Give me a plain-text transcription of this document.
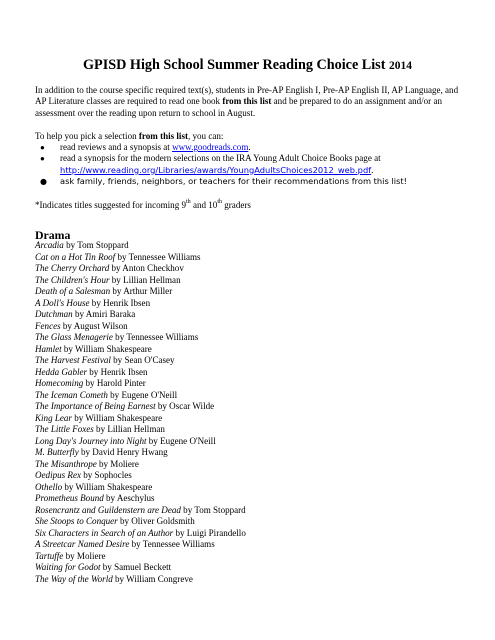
GPISD High School Summer Reading Choice List 2014
In addition to the course specific required text(s), students in Pre-AP English I, Pre-AP English II, AP Language, and AP Literature classes are required to read one book from this list and be prepared to do an assignment and/or an assessment over the reading upon return to school in August.
To help you pick a selection from this list, you can:
● read reviews and a synopsis at www.goodreads.com.
● read a synopsis for the modern selections on the IRA Young Adult Choice Books page at
http://www.reading.org/Libraries/awards/YoungAdultsChoices2012_web.pdf.
● ask family, friends, neighbors, or teachers for their recommendations from this list!
*Indicates titles suggested for incoming 9th and 10th graders
Drama
Arcadia by Tom Stoppard
Cat on a Hot Tin Roof by Tennessee Williams
The Cherry Orchard by Anton Checkhov
The Children's Hour by Lillian Hellman
Death of a Salesman by Arthur Miller
A Doll's House by Henrik Ibsen
Dutchman by Amiri Baraka
Fences by August Wilson
The Glass Menagerie by Tennessee Williams
Hamlet by William Shakespeare
The Harvest Festival by Sean O'Casey
Hedda Gabler by Henrik Ibsen
Homecoming by Harold Pinter
The Iceman Cometh by Eugene O'Neill
The Importance of Being Earnest by Oscar Wilde
King Lear by William Shakespeare
The Little Foxes by Lillian Hellman
Long Day's Journey into Night by Eugene O'Neill
M. Butterfly by David Henry Hwang
The Misanthrope by Moliere
Oedipus Rex by Sophocles
Othello by William Shakespeare
Prometheus Bound by Aeschylus
Rosencrantz and Guildenstern are Dead by Tom Stoppard
She Stoops to Conquer by Oliver Goldsmith
Six Characters in Search of an Author by Luigi Pirandello
A Streetcar Named Desire by Tennessee Williams
Tartuffe by Moliere
Waiting for Godot by Samuel Beckett
The Way of the World by William Congreve
